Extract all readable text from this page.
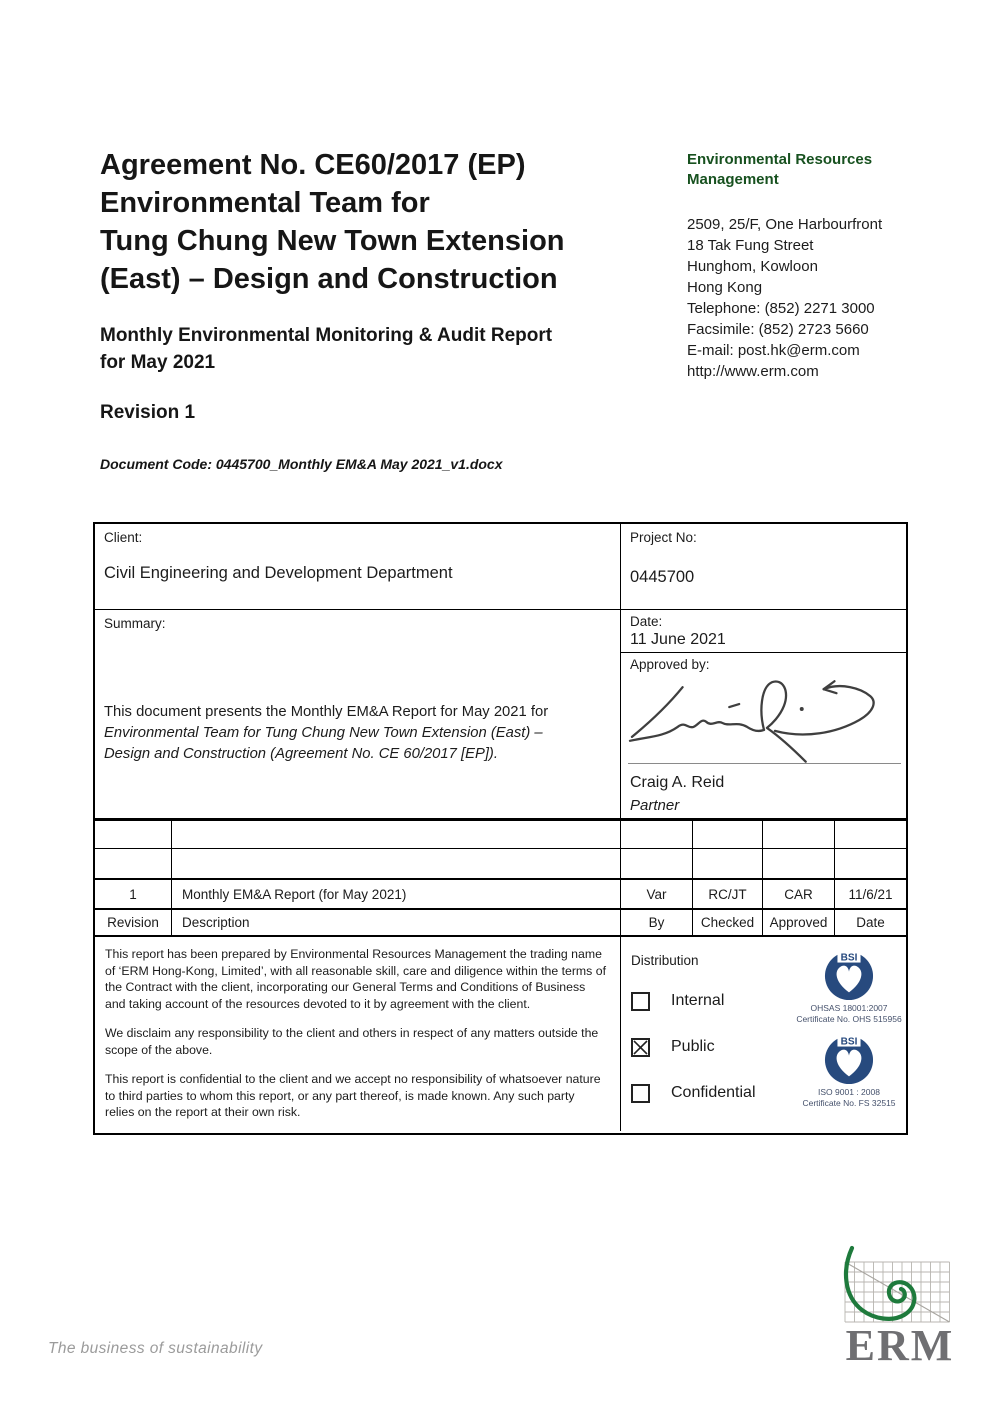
Agreement No. CE60/2017 (EP)
Environmental Team for
Tung Chung New Town Extension
(East) – Design and Construction
Monthly Environmental Monitoring & Audit Report
for May 2021
Revision 1
Document Code: 0445700_Monthly EM&A May 2021_v1.docx
Environmental Resources
Management
2509, 25/F, One Harbourfront
18 Tak Fung Street
Hunghom, Kowloon
Hong Kong
Telephone: (852) 2271 3000
Facsimile: (852) 2723 5660
E-mail: post.hk@erm.com
http://www.erm.com
Client:
Civil Engineering and Development Department
Project No:
0445700
Summary:
This document presents the Monthly EM&A Report for May 2021 for
Environmental Team for Tung Chung New Town Extension (East) –
Design and Construction (Agreement No. CE 60/2017 [EP]).
Date:
11 June 2021
Approved by:
Craig A. Reid
Partner
1	Monthly EM&A Report (for May 2021)	Var	RC/JT	CAR	11/6/21
Revision	Description	By	Checked	Approved	Date

This report has been prepared by Environmental Resources Management the trading name of ‘ERM Hong-Kong, Limited’, with all reasonable skill, care and diligence within the terms of the Contract with the client, incorporating our General Terms and Conditions of Business and taking account of the resources devoted to it by agreement with the client.

We disclaim any responsibility to the client and others in respect of any matters outside the scope of the above.

This report is confidential to the client and we accept no responsibility of whatsoever nature to third parties to whom this report, or any part thereof, is made known. Any such party relies on the report at their own risk.

Distribution
Internal
Public
Confidential
BSI
OHSAS 18001:2007
Certificate No. OHS 515956
BSI
ISO 9001 : 2008
Certificate No. FS 32515
ERM
The business of sustainability
